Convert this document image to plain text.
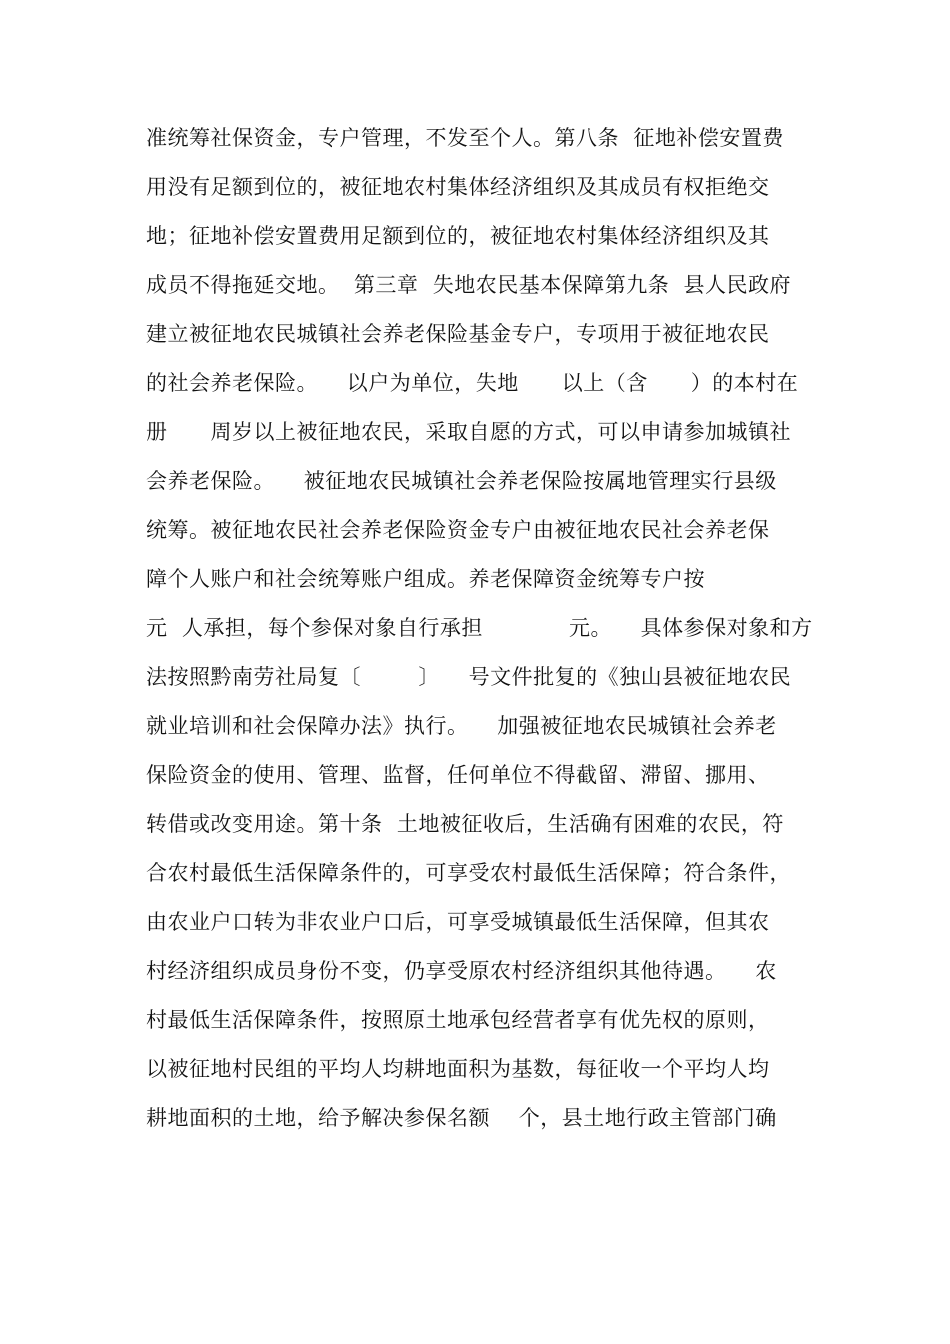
准统筹社保资金，专户管理，不发至个人。第八条  征地补偿安置费
用没有足额到位的，被征地农村集体经济组织及其成员有权拒绝交
地；征地补偿安置费用足额到位的，被征地农村集体经济组织及其
成员不得拖延交地。  第三章  失地农民基本保障第九条  县人民政府
建立被征地农民城镇社会养老保险基金专户，专项用于被征地农民
的社会养老保险。    以户为单位，失地      以上（含      ）的本村在
册      周岁以上被征地农民，采取自愿的方式，可以申请参加城镇社
会养老保险。    被征地农民城镇社会养老保险按属地管理实行县级
统筹。被征地农民社会养老保险资金专户由被征地农民社会养老保
障个人账户和社会统筹账户组成。养老保障资金统筹专户按
元  人承担，每个参保对象自行承担            元。    具体参保对象和方
法按照黔南劳社局复〔        〕    号文件批复的《独山县被征地农民
就业培训和社会保障办法》执行。    加强被征地农民城镇社会养老
保险资金的使用、管理、监督，任何单位不得截留、滞留、挪用、
转借或改变用途。第十条  土地被征收后，生活确有困难的农民，符
合农村最低生活保障条件的，可享受农村最低生活保障；符合条件，
由农业户口转为非农业户口后，可享受城镇最低生活保障，但其农
村经济组织成员身份不变，仍享受原农村经济组织其他待遇。    农
村最低生活保障条件，按照原土地承包经营者享有优先权的原则，
以被征地村民组的平均人均耕地面积为基数，每征收一个平均人均
耕地面积的土地，给予解决参保名额    个，县土地行政主管部门确
